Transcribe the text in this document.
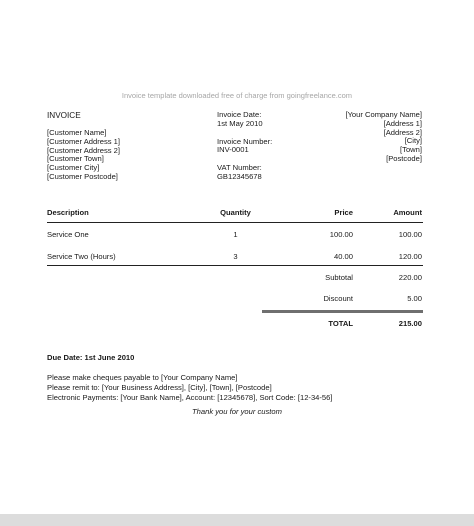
Invoice template downloaded free of charge from goingfreelance.com
INVOICE
[Customer Name]
[Customer Address 1]
[Customer Address 2]
[Customer Town]
[Customer City]
[Customer Postcode]
Invoice Date:
1st May 2010
Invoice Number:
INV-0001
VAT Number:
GB12345678
[Your Company Name]
[Address 1]
[Address 2]
[City]
[Town]
[Postcode]
Description	Quantity	Price	Amount
Service One	1	100.00	100.00
Service Two (Hours)	3	40.00	120.00
Subtotal	220.00
Discount	5.00
TOTAL	215.00
Due Date: 1st June 2010
Please make cheques payable to [Your Company Name]
Please remit to: [Your Business Address], [City], [Town], [Postcode]
Electronic Payments: [Your Bank Name], Account: [12345678], Sort Code: [12-34-56]
Thank you for your custom
